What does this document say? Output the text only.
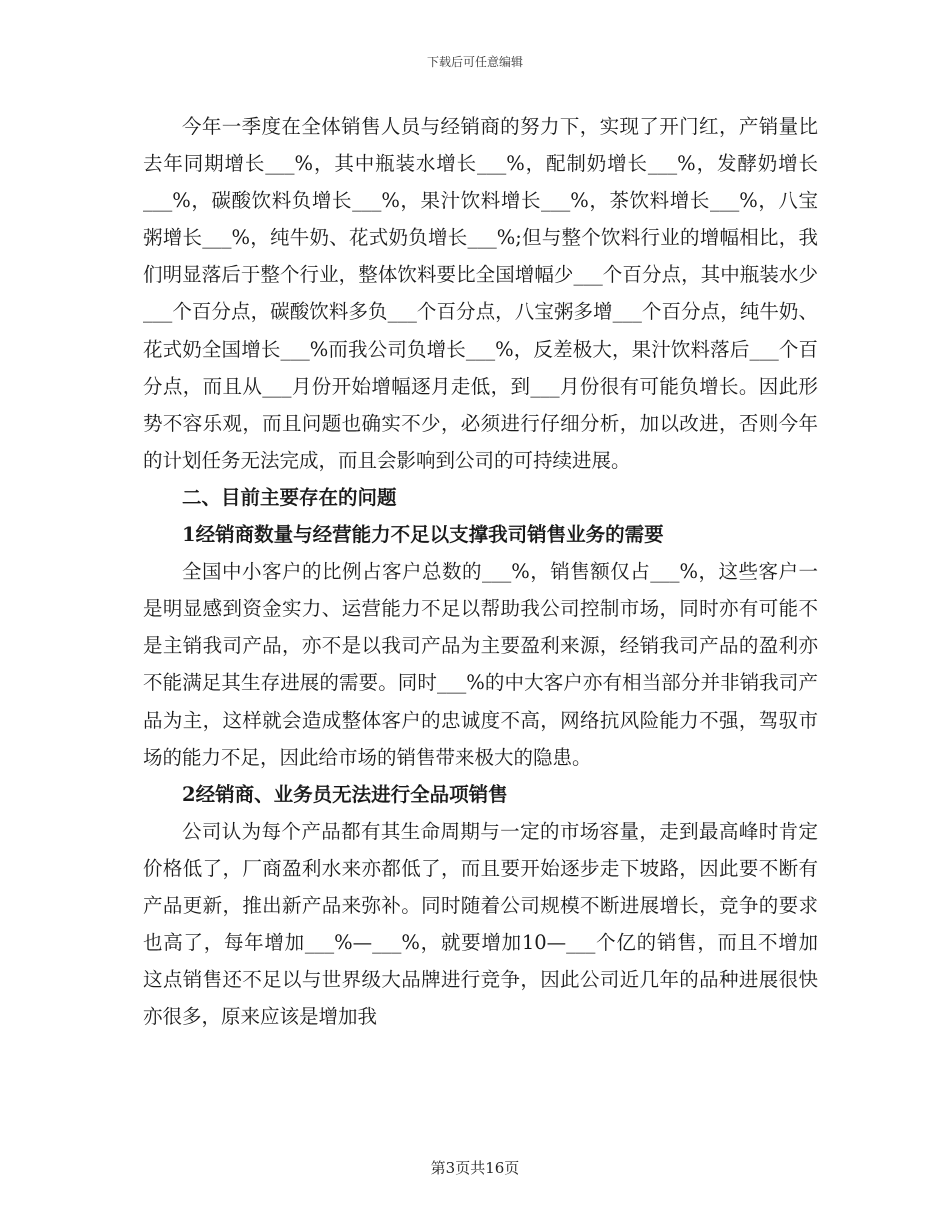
下载后可任意编辑

今年一季度在全体销售人员与经销商的努力下，实现了开门红，产销量比去年同期增长___%，其中瓶装水增长___%，配制奶增长___%，发酵奶增长___%，碳酸饮料负增长___%，果汁饮料增长___%，茶饮料增长___%，八宝粥增长___%，纯牛奶、花式奶负增长___%;但与整个饮料行业的增幅相比，我们明显落后于整个行业，整体饮料要比全国增幅少___个百分点，其中瓶装水少___个百分点，碳酸饮料多负___个百分点，八宝粥多增___个百分点，纯牛奶、花式奶全国增长___%而我公司负增长___%，反差极大，果汁饮料落后___个百分点，而且从___月份开始增幅逐月走低，到___月份很有可能负增长。因此形势不容乐观，而且问题也确实不少，必须进行仔细分析，加以改进，否则今年的计划任务无法完成，而且会影响到公司的可持续进展。

二、目前主要存在的问题

1经销商数量与经营能力不足以支撑我司销售业务的需要

全国中小客户的比例占客户总数的___%，销售额仅占___%，这些客户一是明显感到资金实力、运营能力不足以帮助我公司控制市场，同时亦有可能不是主销我司产品，亦不是以我司产品为主要盈利来源，经销我司产品的盈利亦不能满足其生存进展的需要。同时___%的中大客户亦有相当部分并非销我司产品为主，这样就会造成整体客户的忠诚度不高，网络抗风险能力不强，驾驭市场的能力不足，因此给市场的销售带来极大的隐患。

2经销商、业务员无法进行全品项销售

公司认为每个产品都有其生命周期与一定的市场容量，走到最高峰时肯定价格低了，厂商盈利水来亦都低了，而且要开始逐步走下坡路，因此要不断有产品更新，推出新产品来弥补。同时随着公司规模不断进展增长，竞争的要求也高了，每年增加___%—___%，就要增加10—___个亿的销售，而且不增加这点销售还不足以与世界级大品牌进行竞争，因此公司近几年的品种进展很快亦很多，原来应该是增加我

第3页共16页
